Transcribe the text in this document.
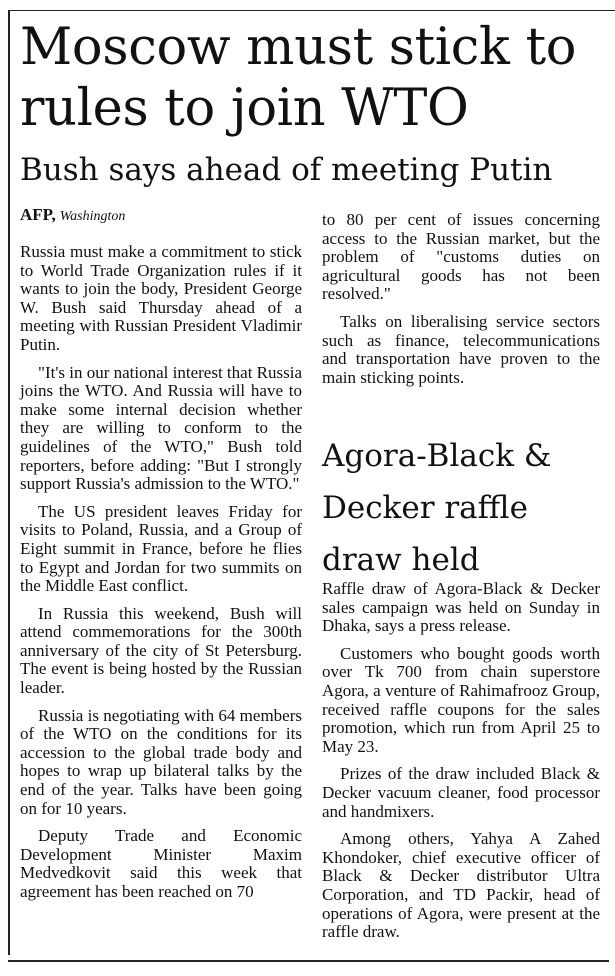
Moscow must stick to rules to join WTO
Bush says ahead of meeting Putin
AFP, Washington

Russia must make a commitment to stick to World Trade Organization rules if it wants to join the body, President George W. Bush said Thursday ahead of a meeting with Russian President Vladimir Putin.

"It's in our national interest that Russia joins the WTO. And Russia will have to make some internal decision whether they are willing to conform to the guidelines of the WTO," Bush told reporters, before adding: "But I strongly support Russia's admission to the WTO."

The US president leaves Friday for visits to Poland, Russia, and a Group of Eight summit in France, before he flies to Egypt and Jordan for two summits on the Middle East conflict.

In Russia this weekend, Bush will attend commemorations for the 300th anniversary of the city of St Petersburg. The event is being hosted by the Russian leader.

Russia is negotiating with 64 members of the WTO on the conditions for its accession to the global trade body and hopes to wrap up bilateral talks by the end of the year. Talks have been going on for 10 years.

Deputy Trade and Economic Development Minister Maxim Medvedkovit said this week that agreement has been reached on 70

to 80 per cent of issues concerning access to the Russian market, but the problem of "customs duties on agricultural goods has not been resolved."

Talks on liberalising service sectors such as finance, telecommunications and transportation have proven to the main sticking points.

Agora-Black & Decker raffle draw held

Raffle draw of Agora-Black & Decker sales campaign was held on Sunday in Dhaka, says a press release.

Customers who bought goods worth over Tk 700 from chain superstore Agora, a venture of Rahimafrooz Group, received raffle coupons for the sales promotion, which run from April 25 to May 23.

Prizes of the draw included Black & Decker vacuum cleaner, food processor and handmixers.

Among others, Yahya A Zahed Khondoker, chief executive officer of Black & Decker distributor Ultra Corporation, and TD Packir, head of operations of Agora, were present at the raffle draw.
